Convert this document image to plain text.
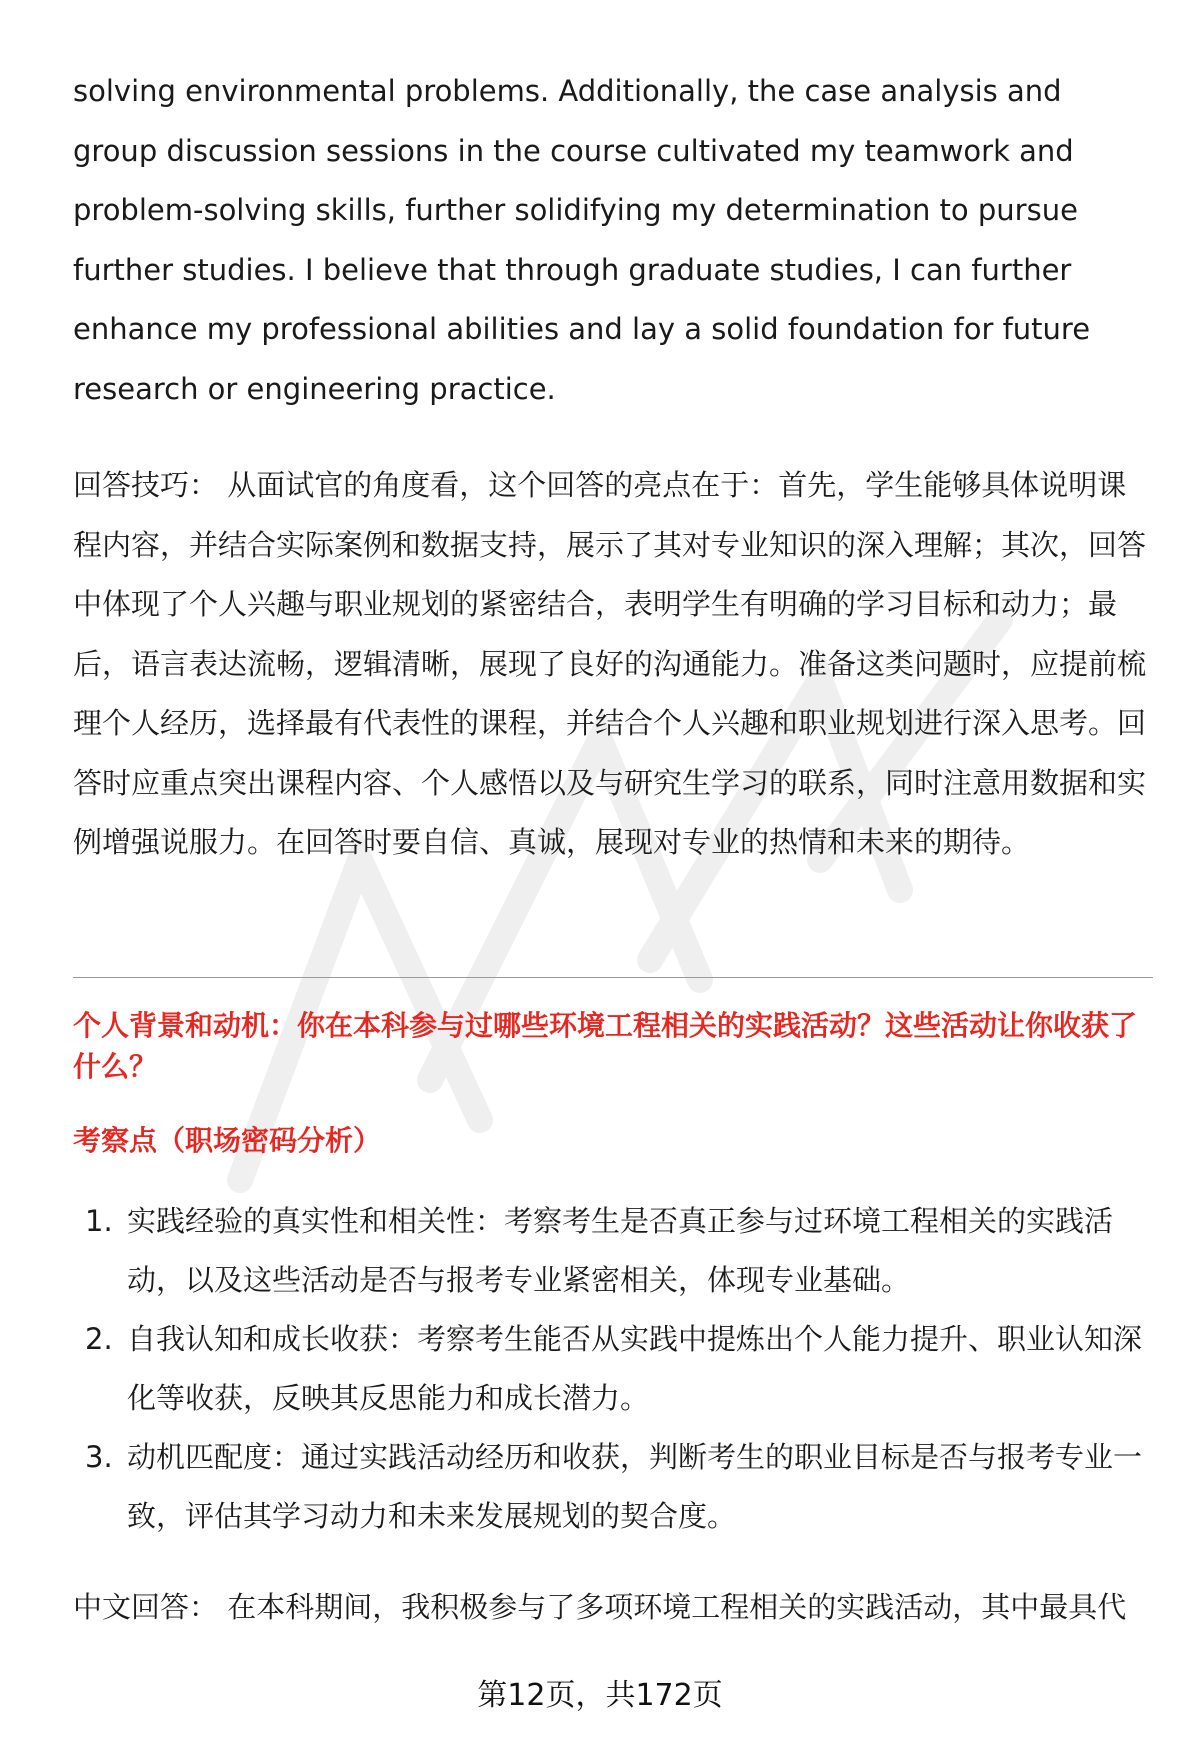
solving environmental problems. Additionally, the case analysis and group discussion sessions in the course cultivated my teamwork and problem-solving skills, further solidifying my determination to pursue further studies. I believe that through graduate studies, I can further enhance my professional abilities and lay a solid foundation for future research or engineering practice.

回答技巧： 从面试官的角度看，这个回答的亮点在于：首先，学生能够具体说明课程内容，并结合实际案例和数据支持，展示了其对专业知识的深入理解；其次，回答中体现了个人兴趣与职业规划的紧密结合，表明学生有明确的学习目标和动力；最后，语言表达流畅，逻辑清晰，展现了良好的沟通能力。准备这类问题时，应提前梳理个人经历，选择最有代表性的课程，并结合个人兴趣和职业规划进行深入思考。回答时应重点突出课程内容、个人感悟以及与研究生学习的联系，同时注意用数据和实例增强说服力。在回答时要自信、真诚，展现对专业的热情和未来的期待。

个人背景和动机：你在本科参与过哪些环境工程相关的实践活动？这些活动让你收获了什么？

考察点（职场密码分析）

1. 实践经验的真实性和相关性：考察考生是否真正参与过环境工程相关的实践活动，以及这些活动是否与报考专业紧密相关，体现专业基础。
2. 自我认知和成长收获：考察考生能否从实践中提炼出个人能力提升、职业认知深化等收获，反映其反思能力和成长潜力。
3. 动机匹配度：通过实践活动经历和收获，判断考生的职业目标是否与报考专业一致，评估其学习动力和未来发展规划的契合度。

中文回答： 在本科期间，我积极参与了多项环境工程相关的实践活动，其中最具代

第12页，共172页
